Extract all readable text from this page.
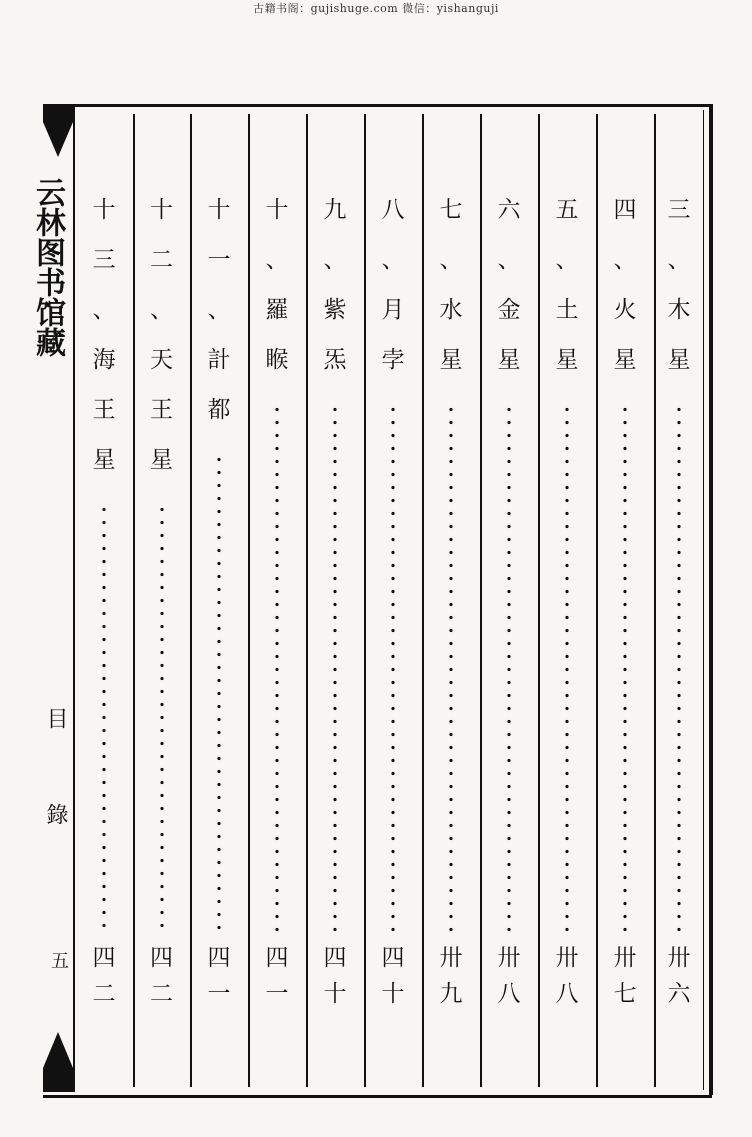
古籍书阁：gujishuge.com 微信：yishanguji
云林图书馆藏
目錄
五
三
、
木
星
卅
六
四
、
火
星
卅
七
五
、
土
星
卅
八
六
、
金
星
卅
八
七
、
水
星
卅
九
八
、
月
孛
四
十
九
、
紫
炁
四
十
十
、
羅
睺
四
一
十
一
、
計
都
四
一
十
二
、
天
王
星
四
二
十
三
、
海
王
星
四
二
